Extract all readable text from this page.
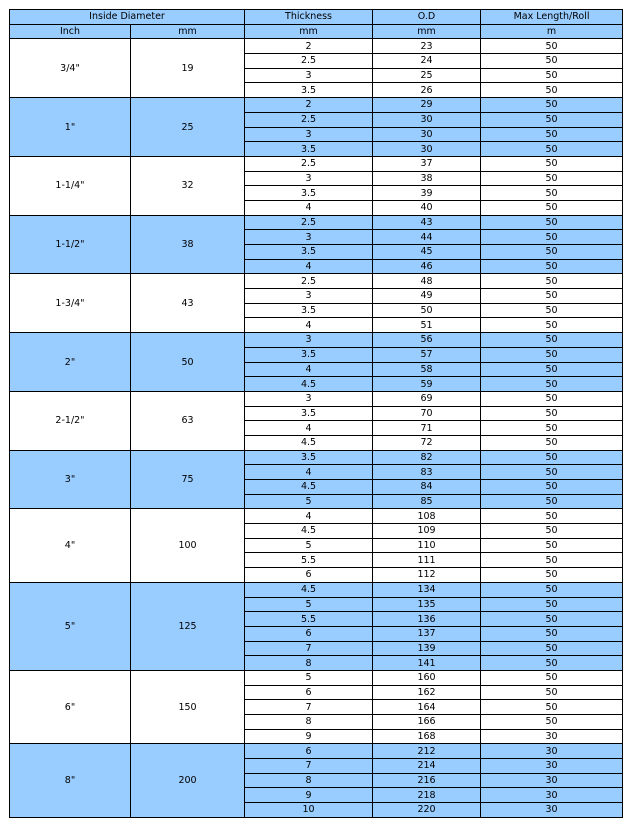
Inside Diameter		Thickness	O.D	Max Length/Roll
Inch	mm	mm	mm	m
3/4"	19	2	23	50
		2.5	24	50
		3	25	50
		3.5	26	50
1"	25	2	29	50
		2.5	30	50
		3	30	50
		3.5	30	50
1-1/4"	32	2.5	37	50
		3	38	50
		3.5	39	50
		4	40	50
1-1/2"	38	2.5	43	50
		3	44	50
		3.5	45	50
		4	46	50
1-3/4"	43	2.5	48	50
		3	49	50
		3.5	50	50
		4	51	50
2"	50	3	56	50
		3.5	57	50
		4	58	50
		4.5	59	50
2-1/2"	63	3	69	50
		3.5	70	50
		4	71	50
		4.5	72	50
3"	75	3.5	82	50
		4	83	50
		4.5	84	50
		5	85	50
4"	100	4	108	50
		4.5	109	50
		5	110	50
		5.5	111	50
		6	112	50
5"	125	4.5	134	50
		5	135	50
		5.5	136	50
		6	137	50
		7	139	50
		8	141	50
6"	150	5	160	50
		6	162	50
		7	164	50
		8	166	50
		9	168	30
8"	200	6	212	30
		7	214	30
		8	216	30
		9	218	30
		10	220	30
